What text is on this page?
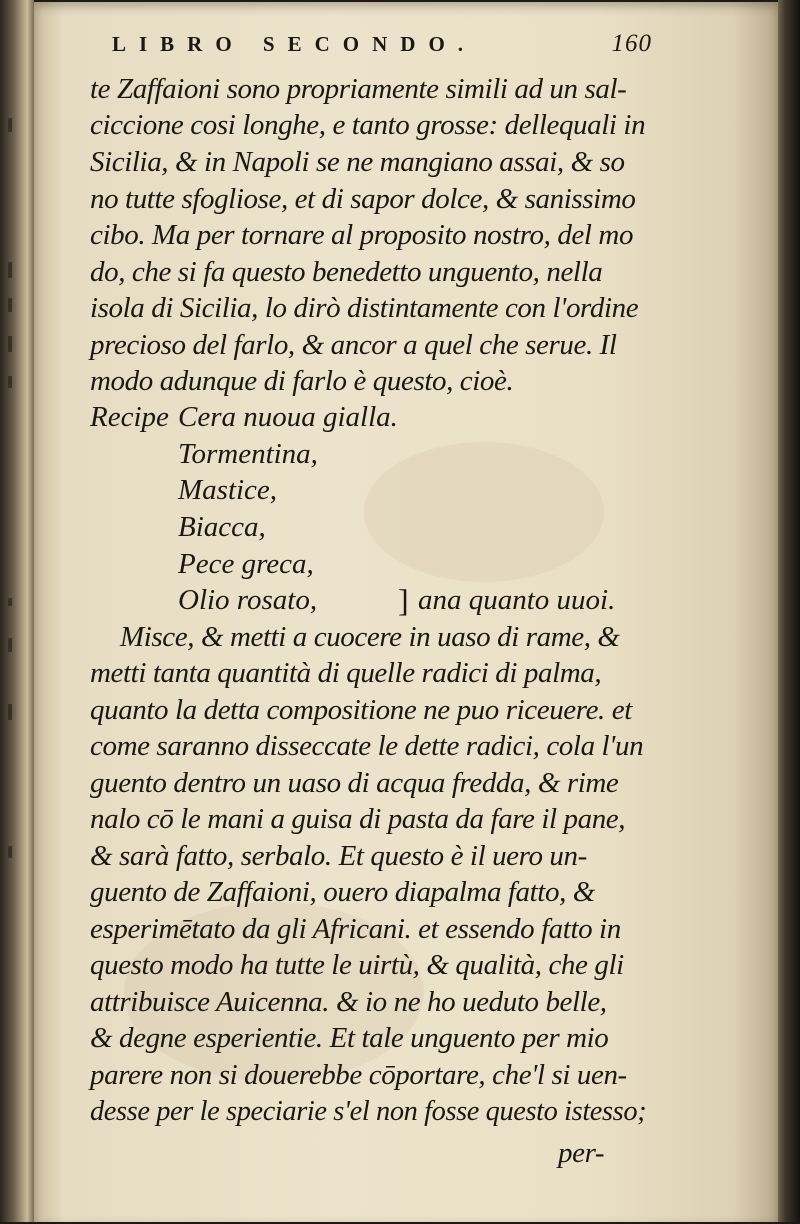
LIBRO SECONDO.	160
te Zaffaioni sono propriamente simili ad un sal-
ciccione cosi longhe, e tanto grosse: dellequali in
Sicilia, & in Napoli se ne mangiano assai, & so
no tutte sfogliose, et di sapor dolce, & sanissimo
cibo. Ma per tornare al proposito nostro, del mo
do, che si fa questo benedetto unguento, nella
isola di Sicilia, lo dirò distintamente con l'ordine
precioso del farlo, & ancor a quel che serue. Il
modo adunque di farlo è questo, cioè.
Recipe Cera nuoua gialla.
Tormentina,
Mastice,
Biacca,
Pece greca,
Olio rosato,	] ana quanto uuoi.
Misce, & metti a cuocere in uaso di rame, &
metti tanta quantità di quelle radici di palma,
quanto la detta compositione ne puo riceuere. et
come saranno disseccate le dette radici, cola l'un
guento dentro un uaso di acqua fredda, & rime
nalo cō le mani a guisa di pasta da fare il pane,
& sarà fatto, serbalo. Et questo è il uero un-
guento de Zaffaioni, ouero diapalma fatto, &
esperimētato da gli Africani. et essendo fatto in
questo modo ha tutte le uirtù, & qualità, che gli
attribuisce Auicenna. & io ne ho ueduto belle,
& degne esperientie. Et tale unguento per mio
parere non si douerebbe cōportare, che'l si uen-
desse per le speciarie s'el non fosse questo istesso;
per-
